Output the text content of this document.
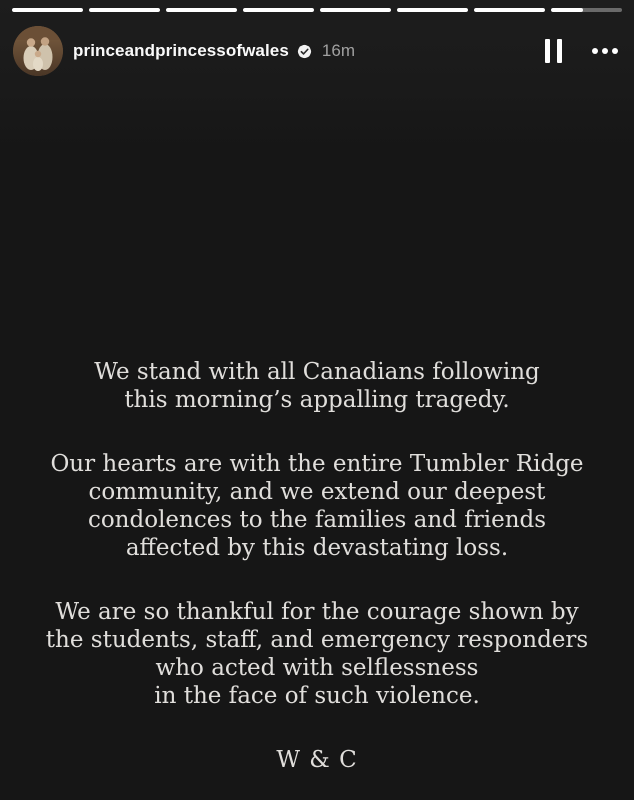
princeandprincessofwales 16m

We stand with all Canadians following
this morning’s appalling tragedy.

Our hearts are with the entire Tumbler Ridge
community, and we extend our deepest
condolences to the families and friends
affected by this devastating loss.

We are so thankful for the courage shown by
the students, staff, and emergency responders
who acted with selflessness
in the face of such violence.

W & C
